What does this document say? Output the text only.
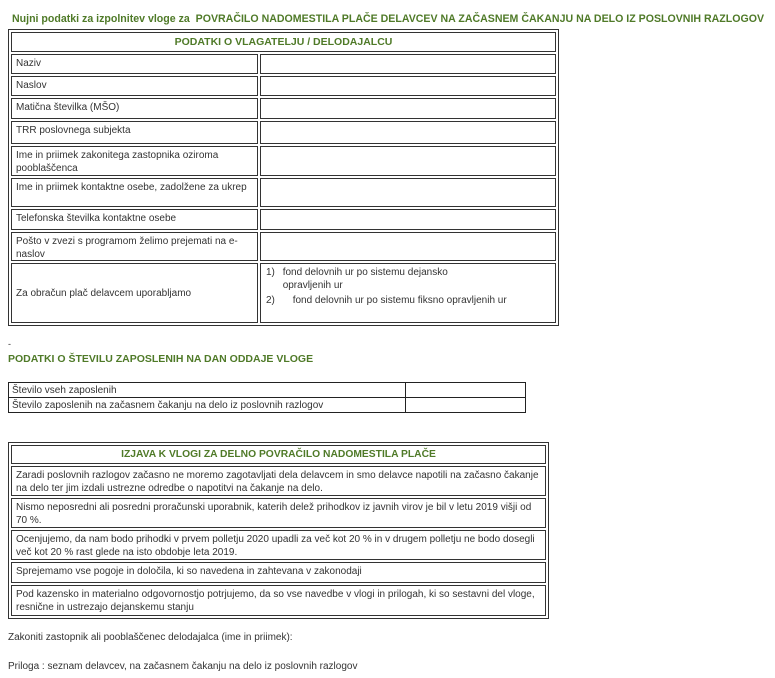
Nujni podatki za izpolnitev vloge za POVRAČILO NADOMESTILA PLAČE DELAVCEV NA ZAČASNEM ČAKANJU NA DELO IZ POSLOVNIH RAZLOGOV
PODATKI O VLAGATELJU / DELODAJALCU
Naziv
Naslov
Matična številka (MŠO)
TRR poslovnega subjekta
Ime in priimek zakonitega zastopnika oziroma pooblaščenca
Ime in priimek kontaktne osebe, zadolžene za ukrep
Telefonska številka kontaktne osebe
Pošto v zvezi s programom želimo prejemati na e-naslov
Za obračun plač delavcem uporabljamo
1) fond delovnih ur po sistemu dejansko opravljenih ur
2) fond delovnih ur po sistemu fiksno opravljenih ur
-
PODATKI O ŠTEVILU ZAPOSLENIH NA DAN ODDAJE VLOGE
Število vseh zaposlenih
Število zaposlenih na začasnem čakanju na delo iz poslovnih razlogov
IZJAVA K VLOGI ZA DELNO POVRAČILO NADOMESTILA PLAČE
Zaradi poslovnih razlogov začasno ne moremo zagotavljati dela delavcem in smo delavce napotili na začasno čakanje na delo ter jim izdali ustrezne odredbe o napotitvi na čakanje na delo.
Nismo neposredni ali posredni proračunski uporabnik, katerih delež prihodkov iz javnih virov je bil v letu 2019 višji od 70 %.
Ocenjujemo, da nam bodo prihodki v prvem polletju 2020 upadli za več kot 20 % in v drugem polletju ne bodo dosegli več kot 20 % rast glede na isto obdobje leta 2019.
Sprejemamo vse pogoje in določila, ki so navedena in zahtevana v zakonodaji
Pod kazensko in materialno odgovornostjo potrjujemo, da so vse navedbe v vlogi in prilogah, ki so sestavni del vloge, resnične in ustrezajo dejanskemu stanju
Zakoniti zastopnik ali pooblaščenec delodajalca (ime in priimek):
Priloga : seznam delavcev, na začasnem čakanju na delo iz poslovnih razlogov
